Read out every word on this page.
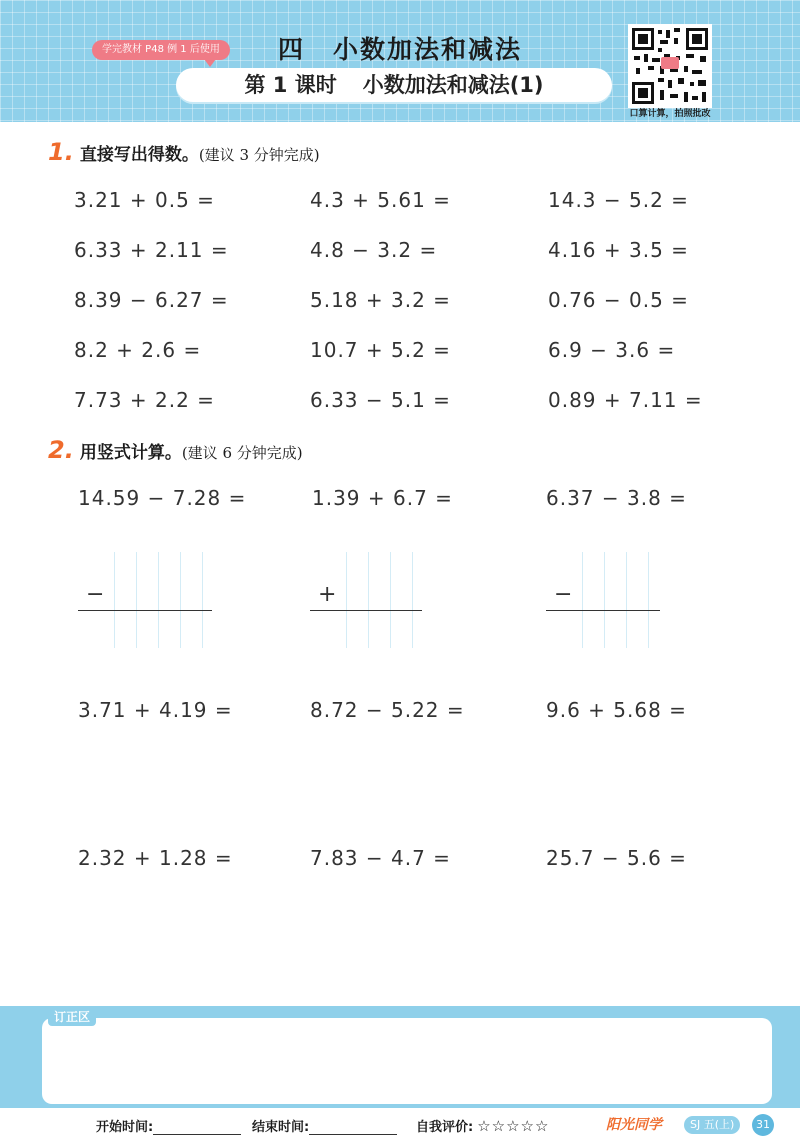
学完教材 P48 例 1 后使用	四 小数加法和减法
第 1 课时 小数加法和减法(1)
口算计算，拍照批改
1. 直接写出得数。(建议 3 分钟完成)
3.21 + 0.5 =	4.3 + 5.61 =	14.3 − 5.2 =
6.33 + 2.11 =	4.8 − 3.2 =	4.16 + 3.5 =
8.39 − 6.27 =	5.18 + 3.2 =	0.76 − 0.5 =
8.2 + 2.6 =	10.7 + 5.2 =	6.9 − 3.6 =
7.73 + 2.2 =	6.33 − 5.1 =	0.89 + 7.11 =
2. 用竖式计算。(建议 6 分钟完成)
14.59 − 7.28 =	1.39 + 6.7 =	6.37 − 3.8 =
−	+	−
3.71 + 4.19 =	8.72 − 5.22 =	9.6 + 5.68 =
2.32 + 1.28 =	7.83 − 4.7 =	25.7 − 5.6 =
订正区
开始时间:	结束时间:	自我评价: ☆☆☆☆☆	阳光同学	SJ 五(上)	31
